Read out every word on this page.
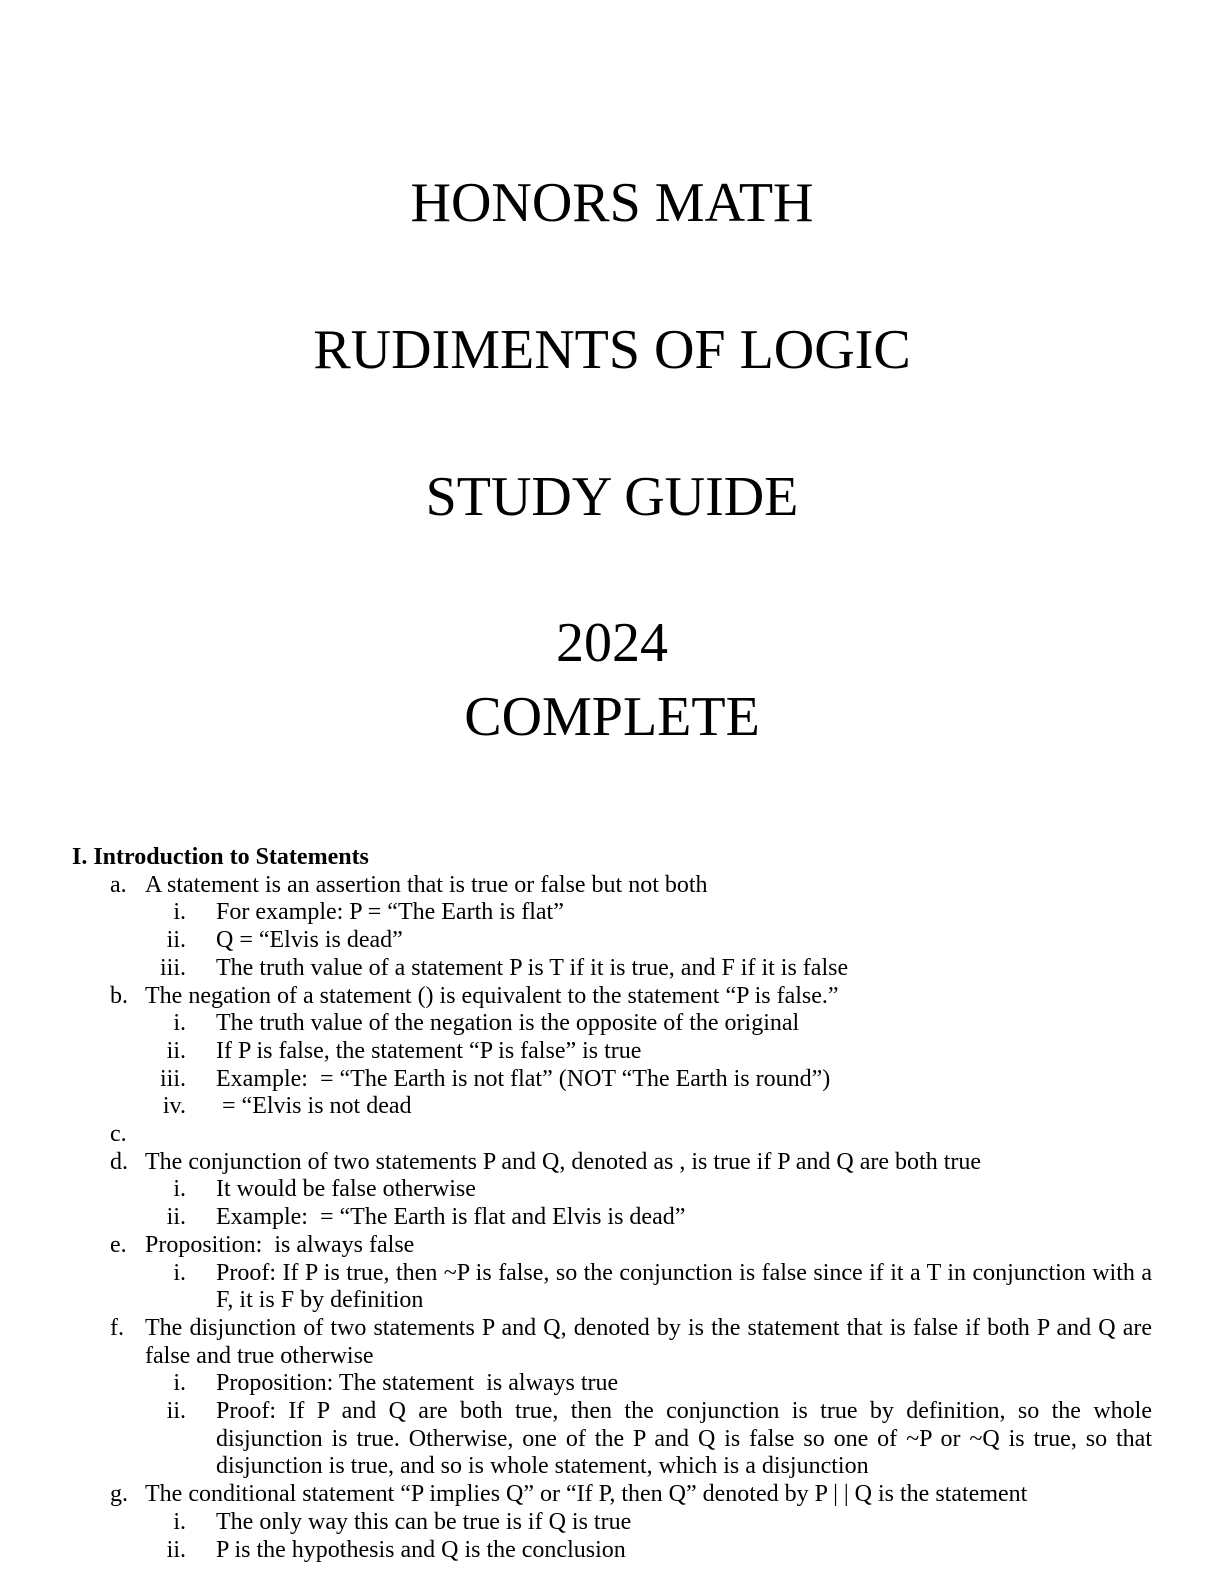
HONORS MATH
RUDIMENTS OF LOGIC
STUDY GUIDE
2024
COMPLETE
I. Introduction to Statements
a. A statement is an assertion that is true or false but not both
i. For example: P = “The Earth is flat”
ii. Q = “Elvis is dead”
iii. The truth value of a statement P is T if it is true, and F if it is false
b. The negation of a statement () is equivalent to the statement “P is false.”
i. The truth value of the negation is the opposite of the original
ii. If P is false, the statement “P is false” is true
iii. Example:  = “The Earth is not flat” (NOT “The Earth is round”)
iv. = “Elvis is not dead
c.
d. The conjunction of two statements P and Q, denoted as , is true if P and Q are both true
i. It would be false otherwise
ii. Example:  = “The Earth is flat and Elvis is dead”
e. Proposition:  is always false
i. Proof: If P is true, then ~P is false, so the conjunction is false since if it a T in conjunction with a F, it is F by definition
f. The disjunction of two statements P and Q, denoted by is the statement that is false if both P and Q are false and true otherwise
i. Proposition: The statement  is always true
ii. Proof: If P and Q are both true, then the conjunction is true by definition, so the whole disjunction is true. Otherwise, one of the P and Q is false so one of ~P or ~Q is true, so that disjunction is true, and so is whole statement, which is a disjunction
g. The conditional statement “P implies Q” or “If P, then Q” denoted by P | | Q is the statement
i. The only way this can be true is if Q is true
ii. P is the hypothesis and Q is the conclusion
